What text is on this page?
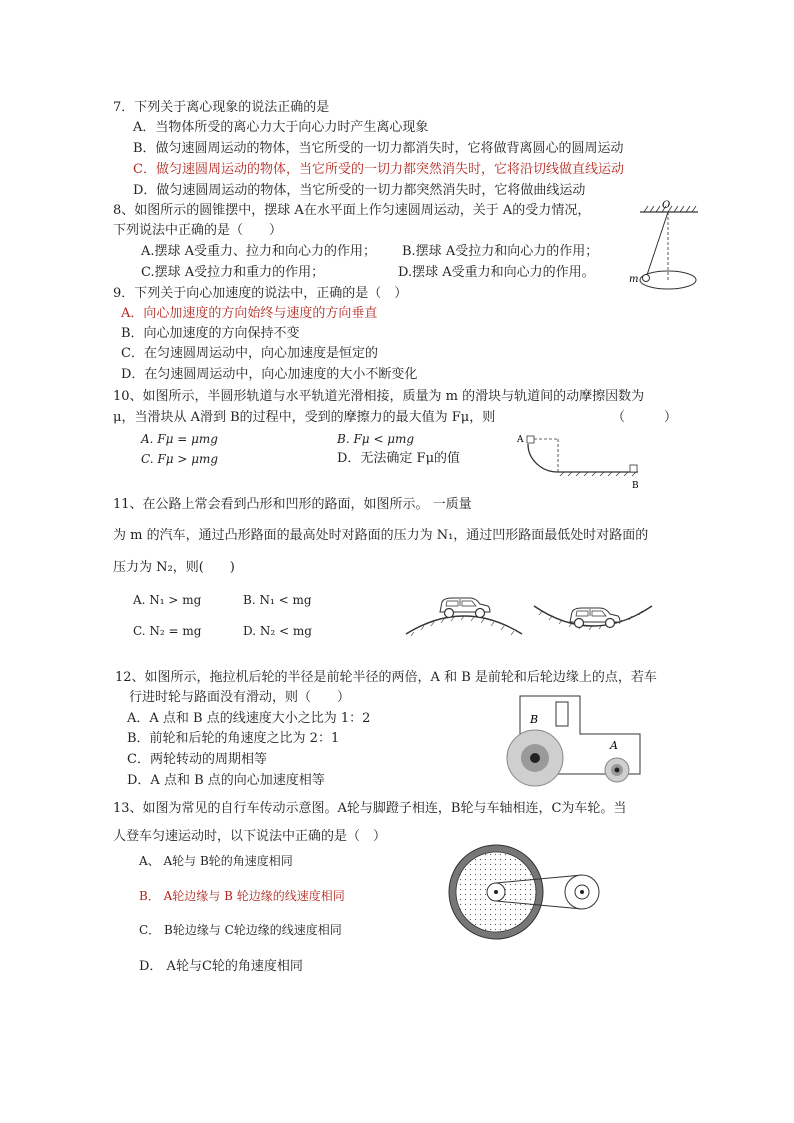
7．下列关于离心现象的说法正确的是
A．当物体所受的离心力大于向心力时产生离心现象
B．做匀速圆周运动的物体，当它所受的一切力都消失时，它将做背离圆心的圆周运动
C．做匀速圆周运动的物体，当它所受的一切力都突然消失时，它将沿切线做直线运动
D．做匀速圆周运动的物体，当它所受的一切力都突然消失时，它将做曲线运动
8、如图所示的圆锥摆中，摆球 A在水平面上作匀速圆周运动，关于 A的受力情况，
下列说法中正确的是（　　）
A.摆球 A受重力、拉力和向心力的作用； B.摆球 A受拉力和向心力的作用；
C.摆球 A受拉力和重力的作用；	D.摆球 A受重力和向心力的作用。
O
m
9．下列关于向心加速度的说法中，正确的是（　）
A．向心加速度的方向始终与速度的方向垂直
B．向心加速度的方向保持不变
C．在匀速圆周运动中，向心加速度是恒定的
D．在匀速圆周运动中，向心加速度的大小不断变化
10、如图所示，半圆形轨道与水平轨道光滑相接，质量为 m 的滑块与轨道间的动摩擦因数为
μ，当滑块从 A滑到 B的过程中，受到的摩擦力的最大值为 Fμ，则	（　　　）
A. Fμ = μmg	B. Fμ < μmg
C. Fμ > μmg	D．无法确定 Fμ的值
A
B
11、在公路上常会看到凸形和凹形的路面，如图所示。 一质量
为 m 的汽车，通过凸形路面的最高处时对路面的压力为 N₁，通过凹形路面最低处时对路面的
压力为 N₂，则(　　)
A. N₁ > mg	B. N₁ < mg
C. N₂ = mg	D. N₂ < mg
12、如图所示，拖拉机后轮的半径是前轮半径的两倍，A 和 B 是前轮和后轮边缘上的点，若车
行进时轮与路面没有滑动，则（　　）
A．A 点和 B 点的线速度大小之比为 1：2
B．前轮和后轮的角速度之比为 2：1
C．两轮转动的周期相等
D．A 点和 B 点的向心加速度相等
B
A
13、如图为常见的自行车传动示意图。A轮与脚蹬子相连，B轮与车轴相连，C为车轮。当
人登车匀速运动时，以下说法中正确的是（　）
A、 A轮与 B轮的角速度相同
B． A轮边缘与 B 轮边缘的线速度相同
C． B轮边缘与 C轮边缘的线速度相同
D． A轮与C轮的角速度相同
